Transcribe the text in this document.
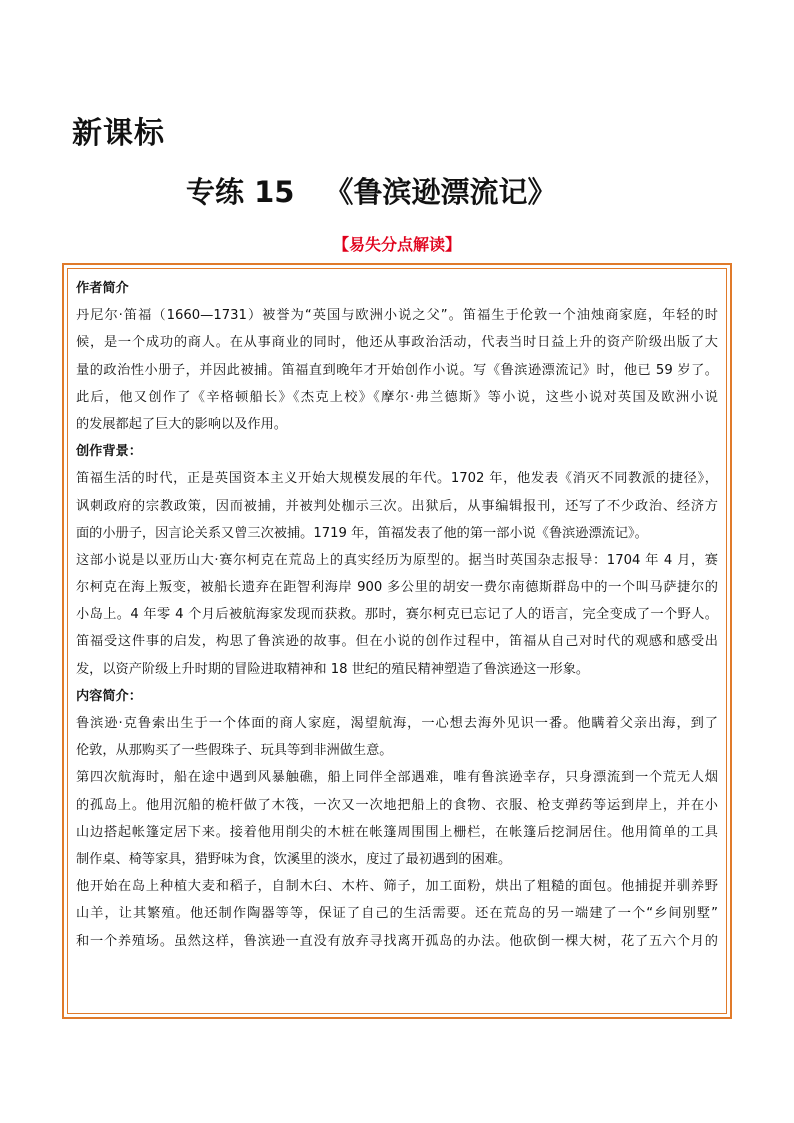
新课标
专练 15 《鲁滨逊漂流记》
【易失分点解读】
作者简介
丹尼尔·笛福（1660—1731）被誉为“英国与欧洲小说之父”。笛福生于伦敦一个油烛商家庭，年轻的时
候，是一个成功的商人。在从事商业的同时，他还从事政治活动，代表当时日益上升的资产阶级出版了大
量的政治性小册子，并因此被捕。笛福直到晚年才开始创作小说。写《鲁滨逊漂流记》时，他已 59 岁了。
此后，他又创作了《辛格顿船长》《杰克上校》《摩尔·弗兰德斯》等小说，这些小说对英国及欧洲小说
的发展都起了巨大的影响以及作用。
创作背景：
笛福生活的时代，正是英国资本主义开始大规模发展的年代。1702 年，他发表《消灭不同教派的捷径》，
讽刺政府的宗教政策，因而被捕，并被判处枷示三次。出狱后，从事编辑报刊，还写了不少政治、经济方
面的小册子，因言论关系又曾三次被捕。1719 年，笛福发表了他的第一部小说《鲁滨逊漂流记》。
这部小说是以亚历山大·赛尔柯克在荒岛上的真实经历为原型的。据当时英国杂志报导：1704 年 4 月，赛
尔柯克在海上叛变，被船长遗弃在距智利海岸 900 多公里的胡安一费尔南德斯群岛中的一个叫马萨捷尔的
小岛上。4 年零 4 个月后被航海家发现而获救。那时，赛尔柯克已忘记了人的语言，完全变成了一个野人。
笛福受这件事的启发，构思了鲁滨逊的故事。但在小说的创作过程中，笛福从自己对时代的观感和感受出
发，以资产阶级上升时期的冒险进取精神和 18 世纪的殖民精神塑造了鲁滨逊这一形象。
内容简介：
鲁滨逊·克鲁索出生于一个体面的商人家庭，渴望航海，一心想去海外见识一番。他瞒着父亲出海，到了
伦敦，从那购买了一些假珠子、玩具等到非洲做生意。
第四次航海时，船在途中遇到风暴触礁，船上同伴全部遇难，唯有鲁滨逊幸存，只身漂流到一个荒无人烟
的孤岛上。他用沉船的桅杆做了木筏，一次又一次地把船上的食物、衣服、枪支弹药等运到岸上，并在小
山边搭起帐篷定居下来。接着他用削尖的木桩在帐篷周围围上栅栏，在帐篷后挖洞居住。他用简单的工具
制作桌、椅等家具，猎野味为食，饮溪里的淡水，度过了最初遇到的困难。
他开始在岛上种植大麦和稻子，自制木臼、木杵、筛子，加工面粉，烘出了粗糙的面包。他捕捉并驯养野
山羊，让其繁殖。他还制作陶器等等，保证了自己的生活需要。还在荒岛的另一端建了一个“乡间别墅”
和一个养殖场。虽然这样，鲁滨逊一直没有放弃寻找离开孤岛的办法。他砍倒一棵大树，花了五六个月的
